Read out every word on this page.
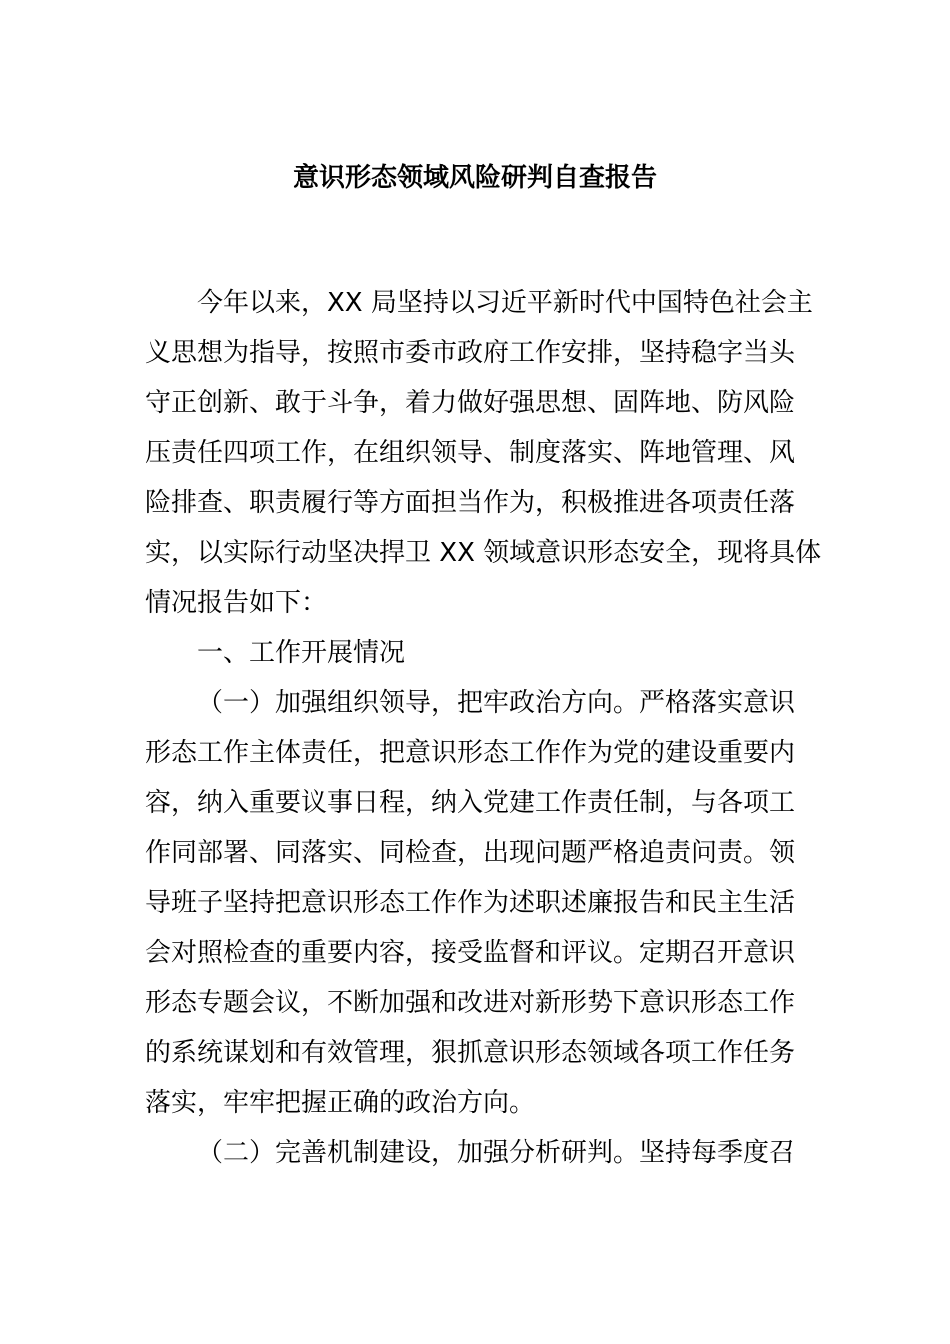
意识形态领域风险研判自查报告
今年以来，XX 局坚持以习近平新时代中国特色社会主
义思想为指导，按照市委市政府工作安排，坚持稳字当头
守正创新、敢于斗争，着力做好强思想、固阵地、防风险
压责任四项工作，在组织领导、制度落实、阵地管理、风
险排查、职责履行等方面担当作为，积极推进各项责任落
实，以实际行动坚决捍卫 XX 领域意识形态安全，现将具体
情况报告如下：
一、工作开展情况
（一）加强组织领导，把牢政治方向。严格落实意识
形态工作主体责任，把意识形态工作作为党的建设重要内
容，纳入重要议事日程，纳入党建工作责任制，与各项工
作同部署、同落实、同检查，出现问题严格追责问责。领
导班子坚持把意识形态工作作为述职述廉报告和民主生活
会对照检查的重要内容，接受监督和评议。定期召开意识
形态专题会议，不断加强和改进对新形势下意识形态工作
的系统谋划和有效管理，狠抓意识形态领域各项工作任务
落实，牢牢把握正确的政治方向。
（二）完善机制建设，加强分析研判。坚持每季度召
